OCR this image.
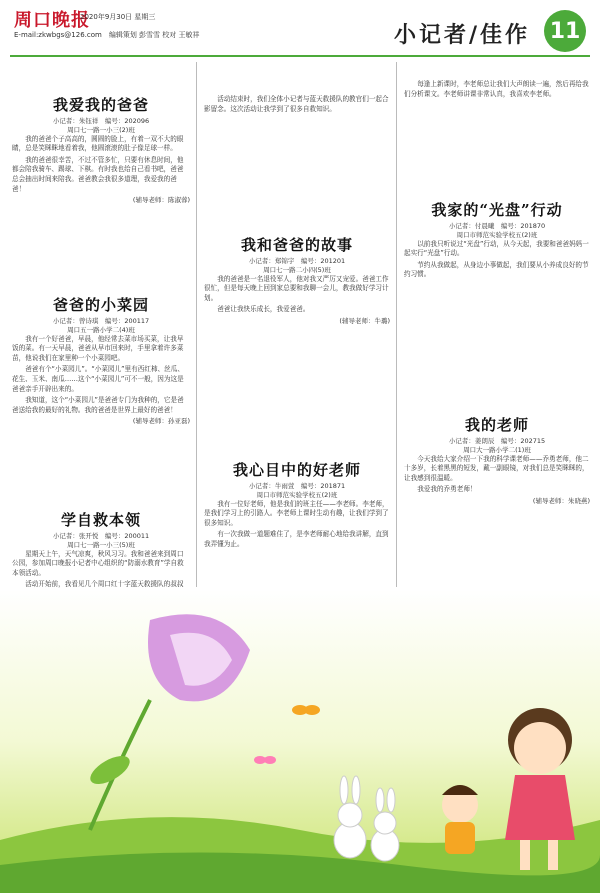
周口晚报
2020年9月30日 星期三
E-mail:zkwbgs@126.com　 编辑策划 彭雪雪 校对 王敏祥	小记者/佳作 11
我爱我的爸爸
小记者：朱钰祥　编号：202096
周口七一路一小三(2)班

我的爸爸个子高高的，圆圆的脸上，有着一双不大的眼睛，总是笑眯眯地看着我，他圆滚滚的肚子像足球一样。

我的爸爸很幸苦，不过不管多忙，只要有休息时间，他都会陪我骑车、踢球、下棋。有时我也给自己看书吧，爸爸总会抽出时间来陪我。爸爸教会我很多道理，我爱我的爸爸！

(辅导老师：陈淑蓉)
爸爸的小菜园
小记者：曾诗琪　编号：200117
周口五一路小学二(4)班

我有一个好爸爸，早晨，他经常去菜市场买菜，让我早饭的菜。有一天早晨，爸爸从早市回来时，手里拿着许多菜苗，他说我们在家里种一个小菜园吧。

爸爸有个“小菜园儿”。“小菜园儿”里有西红柿、丝瓜、花生、玉米、南瓜……这个“小菜园儿”可不一般，因为这是爸爸亲手开辟出来的。

我知道，这个“小菜园儿”是爸爸专门为我种的，它是爸爸送给我的最好的礼物。我的爸爸是世界上最好的爸爸！

(辅导老师：孙亚磊)
学自救本领
小记者：张开悦　编号：200011
周口七一路一小三(5)班

星期天上午，天气凉爽，秋风习习。我和爸爸来到周口公园，参加周口晚报小记者中心组织的“防溺水教育”学自救本领活动。

活动开始前，我看见几个周口红十字蓝天救援队的叔叔

活动结束时，我们全体小记者与蓝天救援队的教官们一起合影留念。这次活动让我学到了很多自救知识。

我和爸爸的故事
小记者：郑锦宇　编号：201201
周口七一路二小四(5)班

我的爸爸是一名退役军人，他对我又严厉又宠爱。爸爸工作很忙，但是每天晚上回到家总要和我聊一会儿，教我做好学习计划。

爸爸让我快乐成长，我爱爸爸。

(辅导老师：牛璐)
我心目中的好老师
小记者：牛雨萱　编号：201871
周口市师范实验学校五(2)班

我有一位好老师，他是我们的班主任——李老师。李老师，是我们学习上的引路人。李老师上课时生动有趣，让我们学到了很多知识。

有一次我做一道题难住了，是李老师耐心地给我讲解，直到我弄懂为止。

每逢上新课时，李老师总让我们大声朗读一遍，然后再给我们分析课文。李老师讲课非常认真，我喜欢李老师。

我家的“光盘”行动
小记者：付晨曦　编号：201870
周口市师范实验学校五(2)班

以前我只听说过“光盘”行动，从今天起，我要和爸爸妈妈一起实行“光盘”行动。

节约从我做起，从身边小事做起，我们要从小养成良好的节约习惯。

我的老师
小记者：姜朗辰　编号：202715
周口大一路小学二(1)班

今天我给大家介绍一下我的科学课老师——乔勇老师，他二十多岁，长着黑黑的短发，戴一副眼镜，对我们总是笑眯眯的，让我感到很温暖。

我爱我的乔勇老师！

(辅导老师：朱晓燕)
